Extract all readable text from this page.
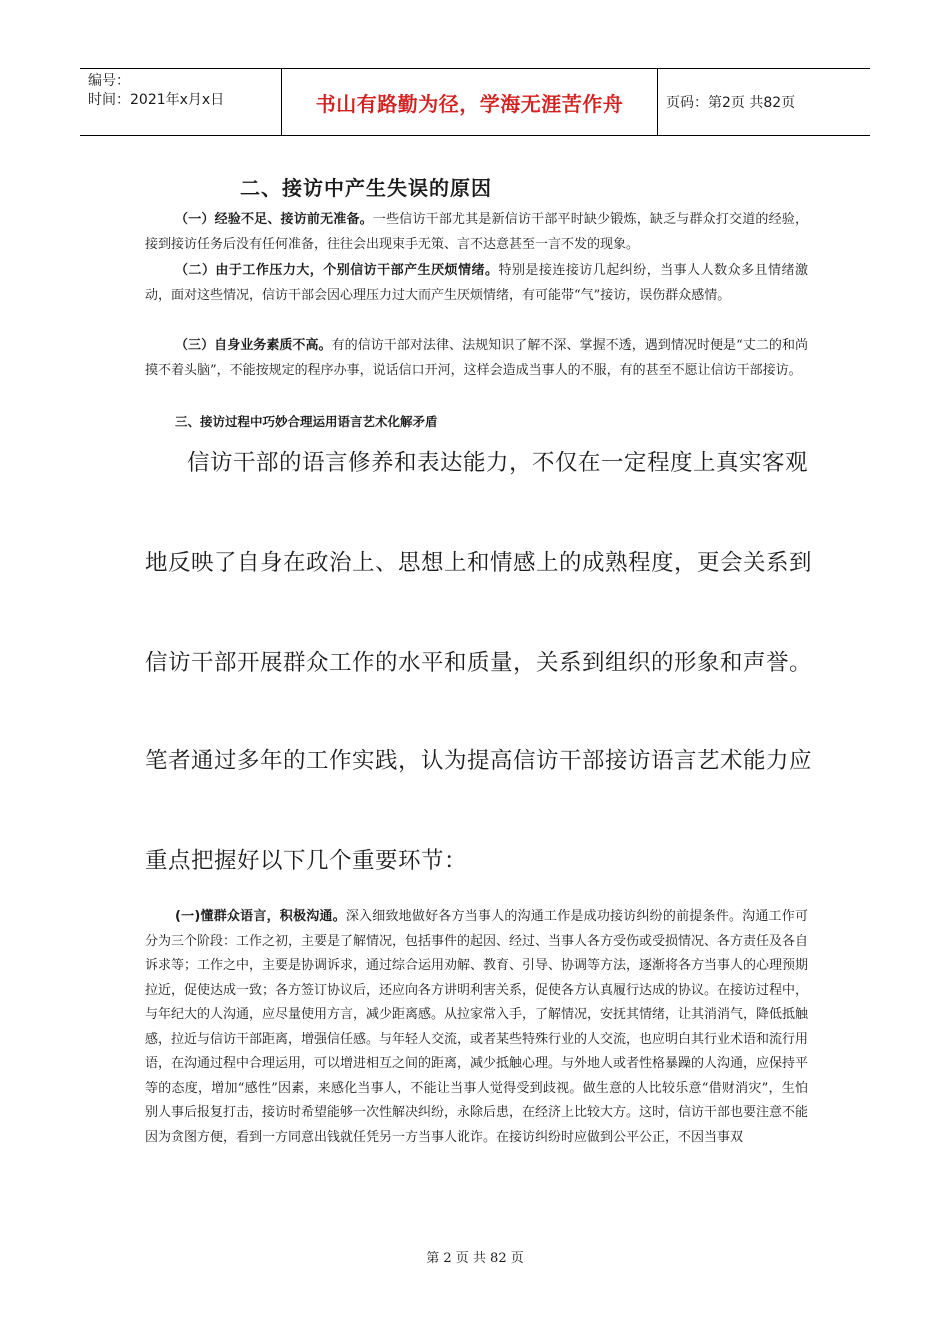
编号：
时间：2021年x月x日	书山有路勤为径，学海无涯苦作舟	页码：第2页 共82页
二、接访中产生失误的原因

（一）经验不足、接访前无准备。一些信访干部尤其是新信访干部平时缺少锻炼，缺乏与群众打交道的经验，接到接访任务后没有任何准备，往往会出现束手无策、言不达意甚至一言不发的现象。

（二）由于工作压力大，个别信访干部产生厌烦情绪。特别是接连接访几起纠纷，当事人人数众多且情绪激动，面对这些情况，信访干部会因心理压力过大而产生厌烦情绪，有可能带“气”接访，误伤群众感情。

（三）自身业务素质不高。有的信访干部对法律、法规知识了解不深、掌握不透，遇到情况时便是“丈二的和尚摸不着头脑”，不能按规定的程序办事，说话信口开河，这样会造成当事人的不服，有的甚至不愿让信访干部接访。

三、接访过程中巧妙合理运用语言艺术化解矛盾
信访干部的语言修养和表达能力，不仅在一定程度上真实客观
地反映了自身在政治上、思想上和情感上的成熟程度，更会关系到
信访干部开展群众工作的水平和质量，关系到组织的形象和声誉。
笔者通过多年的工作实践，认为提高信访干部接访语言艺术能力应
重点把握好以下几个重要环节：

(一)懂群众语言，积极沟通。深入细致地做好各方当事人的沟通工作是成功接访纠纷的前提条件。沟通工作可分为三个阶段：工作之初，主要是了解情况，包括事件的起因、经过、当事人各方受伤或受损情况、各方责任及各自诉求等；工作之中，主要是协调诉求，通过综合运用劝解、教育、引导、协调等方法，逐渐将各方当事人的心理预期拉近，促使达成一致；各方签订协议后，还应向各方讲明利害关系，促使各方认真履行达成的协议。在接访过程中，与年纪大的人沟通，应尽量使用方言，减少距离感。从拉家常入手，了解情况，安抚其情绪，让其消消气，降低抵触感，拉近与信访干部距离，增强信任感。与年轻人交流，或者某些特殊行业的人交流，也应明白其行业术语和流行用语，在沟通过程中合理运用，可以增进相互之间的距离，减少抵触心理。与外地人或者性格暴躁的人沟通，应保持平等的态度，增加“感性”因素，来感化当事人，不能让当事人觉得受到歧视。做生意的人比较乐意“借财消灾”，生怕别人事后报复打击，接访时希望能够一次性解决纠纷，永除后患，在经济上比较大方。这时，信访干部也要注意不能因为贪图方便，看到一方同意出钱就任凭另一方当事人讹诈。在接访纠纷时应做到公平公正，不因当事双

第 2 页 共 82 页
